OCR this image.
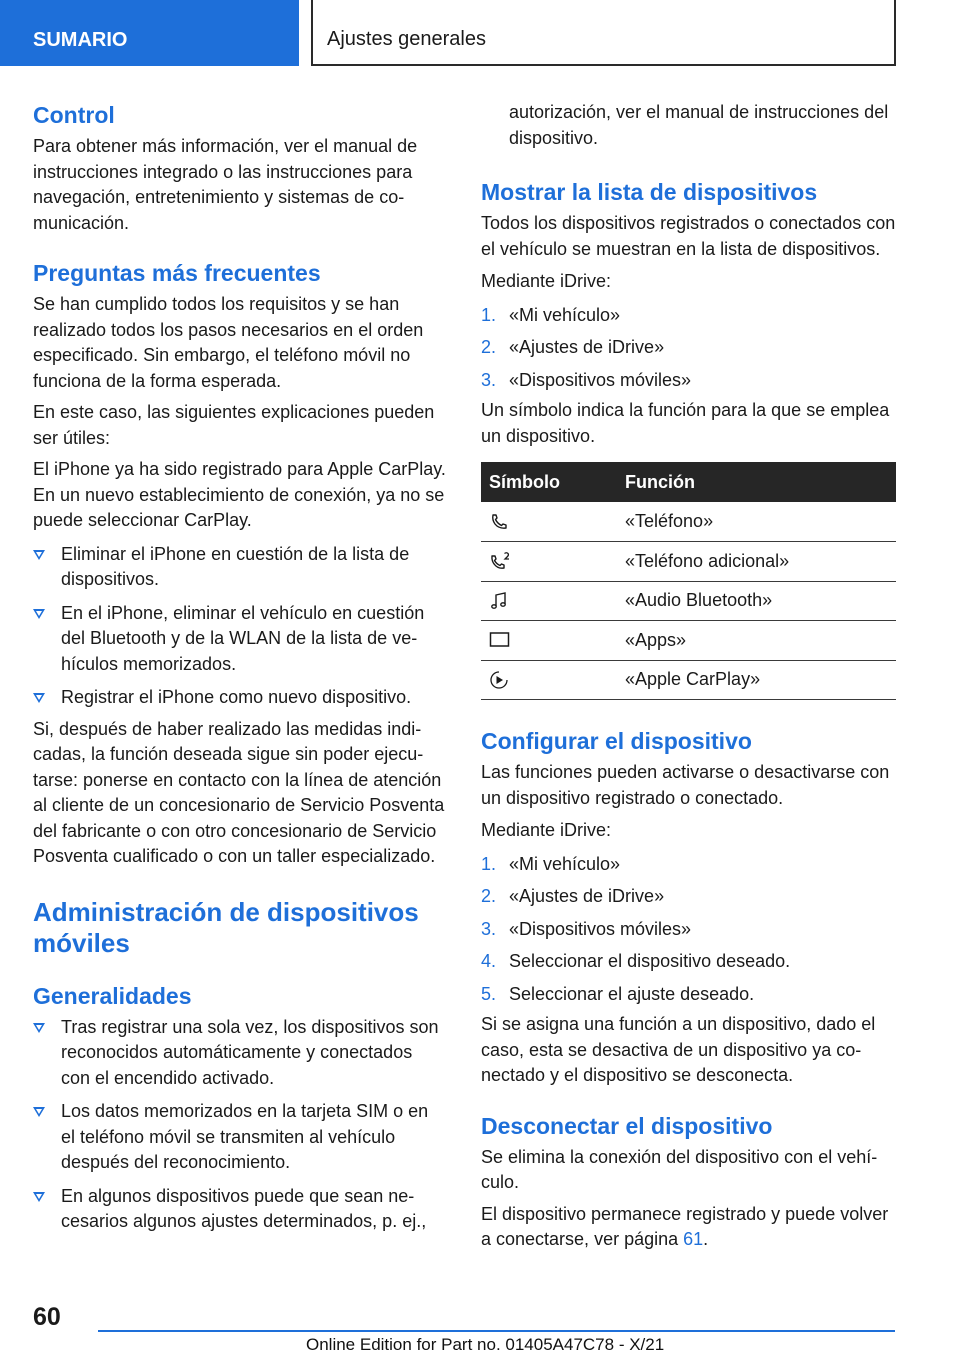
SUMARIO	Ajustes generales
Control

Para obtener más información, ver el manual de instrucciones integrado o las instrucciones para navegación, entretenimiento y sistemas de comunicación.

Preguntas más frecuentes

Se han cumplido todos los requisitos y se han realizado todos los pasos necesarios en el orden especificado. Sin embargo, el teléfono móvil no funciona de la forma esperada.

En este caso, las siguientes explicaciones pueden ser útiles:

El iPhone ya ha sido registrado para Apple CarPlay. En un nuevo establecimiento de conexión, ya no se puede seleccionar CarPlay.

Eliminar el iPhone en cuestión de la lista de dispositivos.
En el iPhone, eliminar el vehículo en cuestión del Bluetooth y de la WLAN de la lista de vehículos memorizados.
Registrar el iPhone como nuevo dispositivo.

Si, después de haber realizado las medidas indicadas, la función deseada sigue sin poder ejecutarse: ponerse en contacto con la línea de atención al cliente de un concesionario de Servicio Posventa del fabricante o con otro concesionario de Servicio Posventa cualificado o con un taller especializado.

Administración de dispositivos móviles
Generalidades
Tras registrar una sola vez, los dispositivos son reconocidos automáticamente y conectados con el encendido activado.
Los datos memorizados en la tarjeta SIM o en el teléfono móvil se transmiten al vehículo después del reconocimiento.
En algunos dispositivos puede que sean necesarios algunos ajustes determinados, p. ej.,

autorización, ver el manual de instrucciones del dispositivo.

Mostrar la lista de dispositivos

Todos los dispositivos registrados o conectados con el vehículo se muestran en la lista de dispositivos.

Mediante iDrive:

1. «Mi vehículo»
2. «Ajustes de iDrive»
3. «Dispositivos móviles»

Un símbolo indica la función para la que se emplea un dispositivo.

Símbolo	Función

	«Teléfono»

	«Teléfono adicional»

	«Audio Bluetooth»

	«Apps»

	«Apple CarPlay»
Configurar el dispositivo

Las funciones pueden activarse o desactivarse con un dispositivo registrado o conectado.

Mediante iDrive:

1. «Mi vehículo»
2. «Ajustes de iDrive»
3. «Dispositivos móviles»
4. Seleccionar el dispositivo deseado.
5. Seleccionar el ajuste deseado.

Si se asigna una función a un dispositivo, dado el caso, esta se desactiva de un dispositivo ya conectado y el dispositivo se desconecta.

Desconectar el dispositivo

Se elimina la conexión del dispositivo con el vehículo.

El dispositivo permanece registrado y puede volver a conectarse, ver página 61.

60
Online Edition for Part no. 01405A47C78 - X/21
